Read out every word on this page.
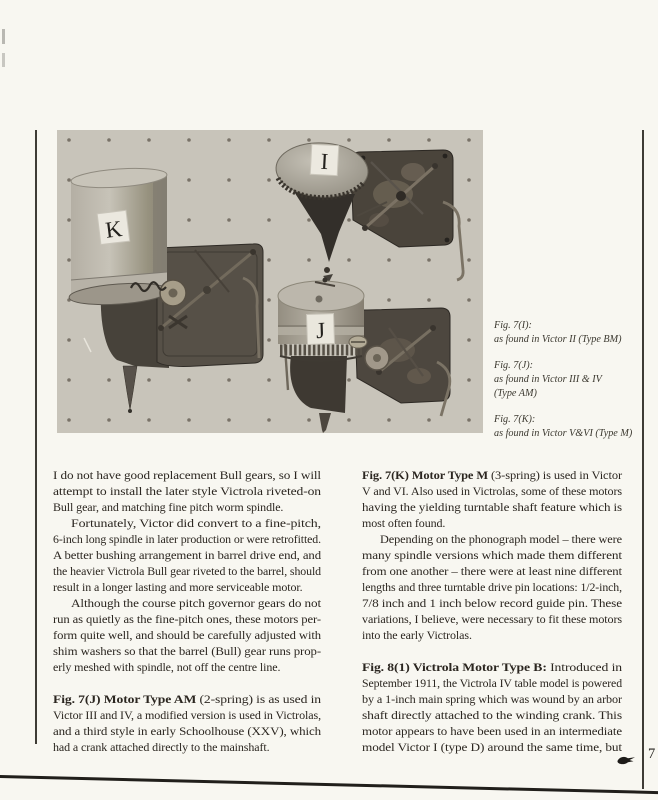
K
I
J	Fig. 7(I):
as found in Victor II (Type BM)
Fig. 7(J):
as found in Victor III & IV
(Type AM)
Fig. 7(K):
as found in Victor V&VI (Type M)
I do not have good replacement Bull gears, so I will
attempt to install the later style Victrola riveted-on
Bull gear, and matching fine pitch worm spindle.
Fortunately, Victor did convert to a fine-pitch,
6-inch long spindle in later production or were retrofitted.
A better bushing arrangement in barrel drive end, and
the heavier Victrola Bull gear riveted to the barrel, should
result in a longer lasting and more serviceable motor.
Although the course pitch governor gears do not
run as quietly as the fine-pitch ones, these motors per-
form quite well, and should be carefully adjusted with
shim washers so that the barrel (Bull) gear runs prop-
erly meshed with spindle, not off the centre line.
Fig. 7(J) Motor Type AM (2-spring) is as used in
Victor III and IV, a modified version is used in Victrolas,
and a third style in early Schoolhouse (XXV), which
had a crank attached directly to the mainshaft.
Fig. 7(K) Motor Type M (3-spring) is used in Victor
V and VI. Also used in Victrolas, some of these motors
having the yielding turntable shaft feature which is
most often found.
Depending on the phonograph model – there were
many spindle versions which made them different
from one another – there were at least nine different
lengths and three turntable drive pin locations: 1/2-inch,
7/8 inch and 1 inch below record guide pin. These
variations, I believe, were necessary to fit these motors
into the early Victrolas.
Fig. 8(1) Victrola Motor Type B: Introduced in
September 1911, the Victrola IV table model is powered
by a 1-inch main spring which was wound by an arbor
shaft directly attached to the winding crank. This
motor appears to have been used in an intermediate
model Victor I (type D) around the same time, but 7
